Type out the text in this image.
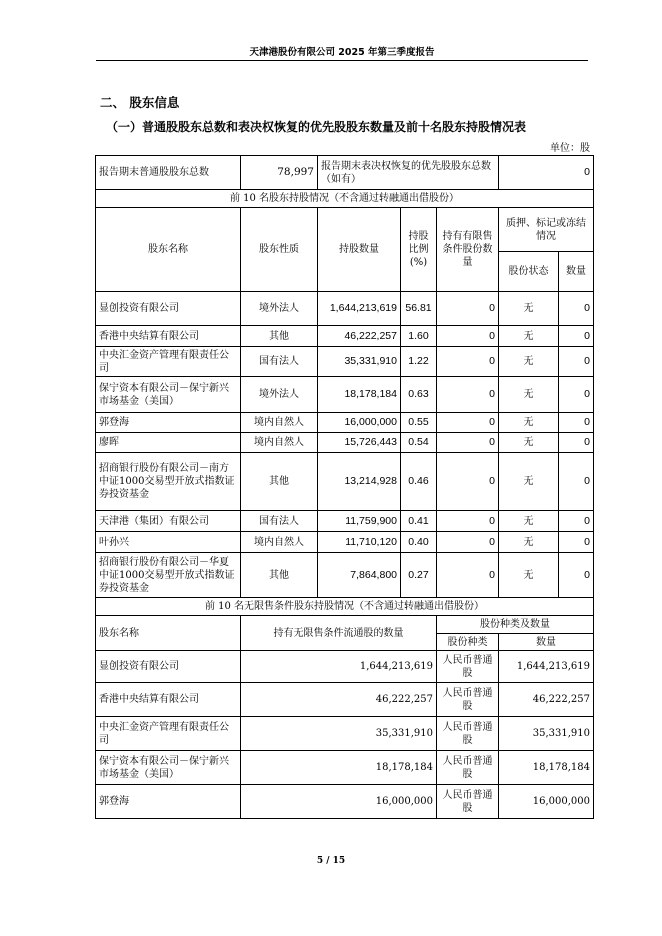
天津港股份有限公司 2025 年第三季度报告
二、 股东信息
（一）普通股股东总数和表决权恢复的优先股股东数量及前十名股东持股情况表
单位：股
报告期末普通股股东总数	78,997	报告期末表决权恢复的优先股股东总数（如有）			0	
前 10 名股东持股情况（不含通过转融通出借股份）						
股东名称	股东性质	持股数量	持股比例(%)	持有有限售条件股份数量	质押、标记或冻结情况	
					股份状态	数量
显创投资有限公司	境外法人	1,644,213,619	56.81	0	无	0
香港中央结算有限公司	其他	46,222,257	1.60	0	无	0
中央汇金资产管理有限责任公司	国有法人	35,331,910	1.22	0	无	0
保宁资本有限公司－保宁新兴市场基金（美国）	境外法人	18,178,184	0.63	0	无	0
郭登海	境内自然人	16,000,000	0.55	0	无	0
廖晖	境内自然人	15,726,443	0.54	0	无	0
招商银行股份有限公司－南方中证1000交易型开放式指数证券投资基金	其他	13,214,928	0.46	0	无	0
天津港（集团）有限公司	国有法人	11,759,900	0.41	0	无	0
叶孙兴	境内自然人	11,710,120	0.40	0	无	0
招商银行股份有限公司－华夏中证1000交易型开放式指数证券投资基金	其他	7,864,800	0.27	0	无	0
前 10 名无限售条件股东持股情况（不含通过转融通出借股份）						
股东名称	持有无限售条件流通股的数量			股份种类及数量		
				股份种类	数量	
显创投资有限公司	1,644,213,619			人民币普通股	1,644,213,619	
香港中央结算有限公司	46,222,257			人民币普通股	46,222,257	
中央汇金资产管理有限责任公司	35,331,910			人民币普通股	35,331,910	
保宁资本有限公司－保宁新兴市场基金（美国）	18,178,184			人民币普通股	18,178,184	
郭登海	16,000,000			人民币普通股	16,000,000	
5 / 15
